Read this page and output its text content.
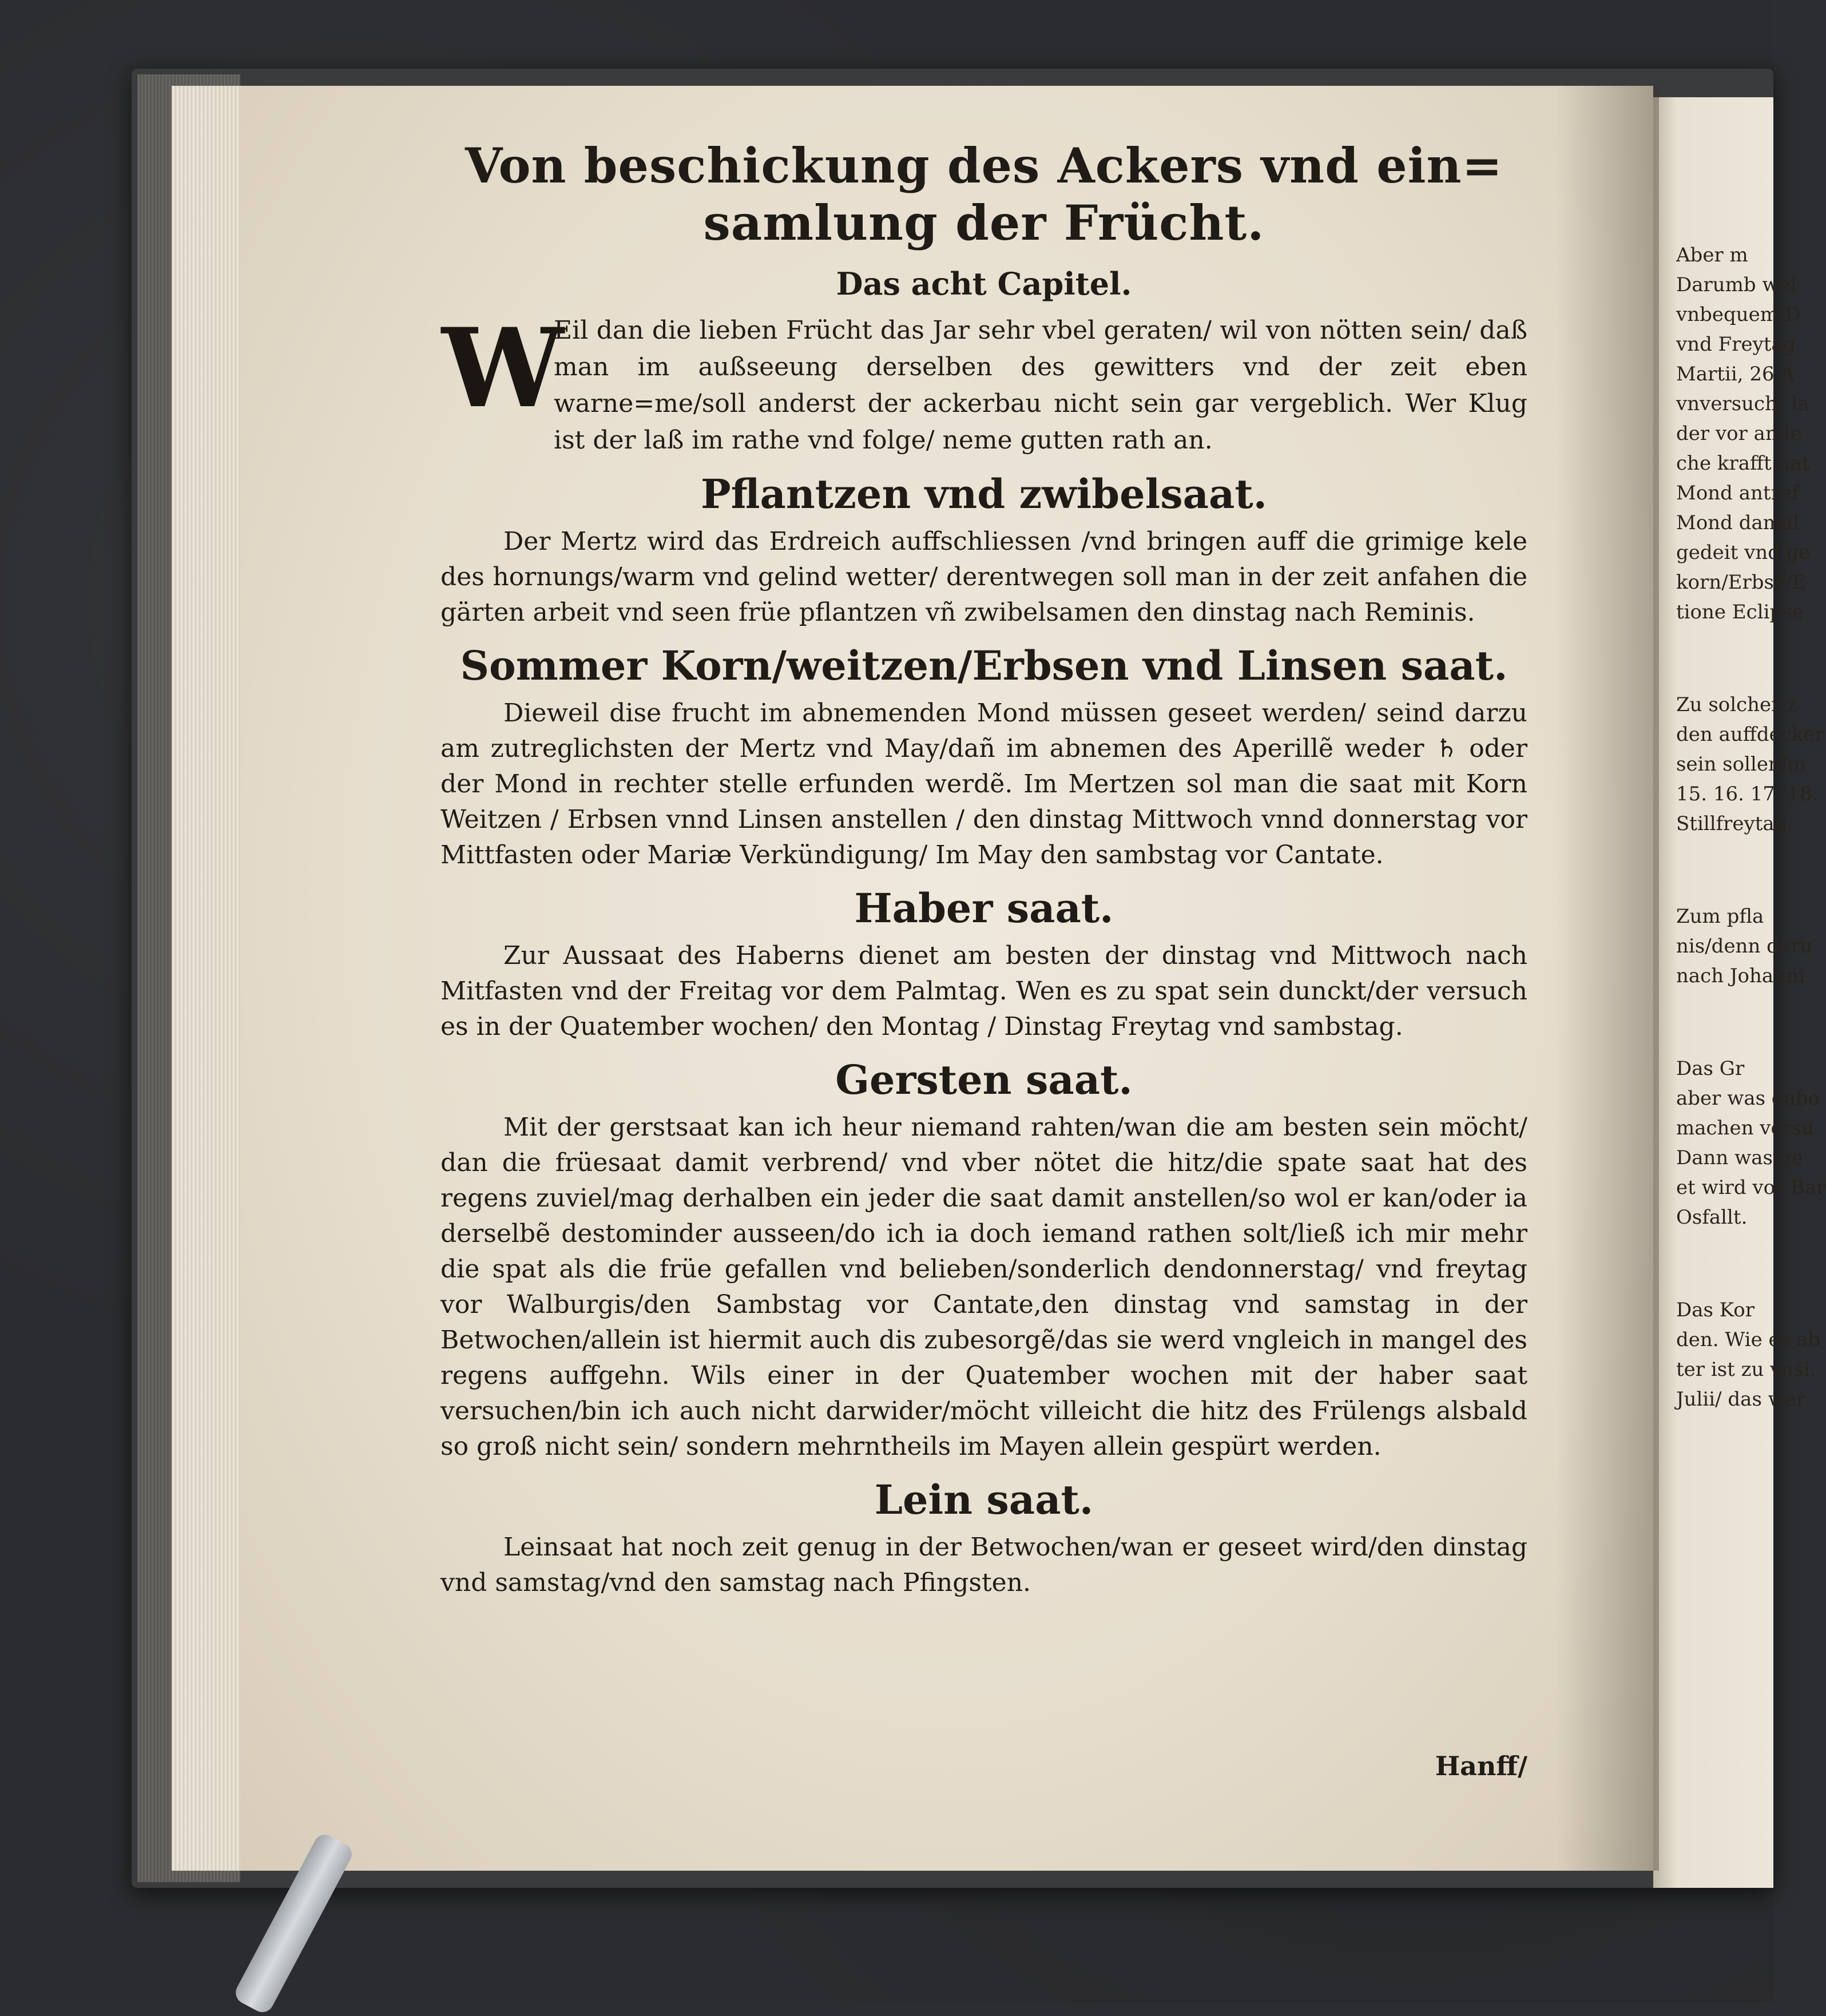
Von beschickung des Ackers vnd ein=

samlung der Frücht.
Das acht Capitel.

W
Eil dan die lieben Frücht das Jar sehr vbel geraten/ wil von nötten sein/ daß man im außseeung derselben des gewitters vnd der zeit eben warne=me/soll anderst der ackerbau nicht sein gar vergeblich. Wer Klug ist der laß im rathe vnd folge/ neme gutten rath an.

Pflantzen vnd zwibelsaat.

Der Mertz wird das Erdreich auffschliessen /vnd bringen auff die grimige kele des hornungs/warm vnd gelind wetter/ derentwegen soll man in der zeit anfahen die gärten arbeit vnd seen früe pflantzen vñ zwibelsamen den dinstag nach Reminis.

Sommer Korn/weitzen/Erbsen vnd Linsen saat.

Dieweil dise frucht im abnemenden Mond müssen geseet werden/ seind darzu am zutreglichsten der Mertz vnd May/dañ im abnemen des Aperillẽ weder ♄ oder der Mond in rechter stelle erfunden werdẽ. Im Mertzen sol man die saat mit Korn Weitzen / Erbsen vnnd Linsen anstellen / den dinstag Mittwoch vnnd donnerstag vor Mittfasten oder Mariæ Verkündigung/ Im May den sambstag vor Cantate.

Haber saat.

Zur Aussaat des Haberns dienet am besten der dinstag vnd Mittwoch nach Mitfasten vnd der Freitag vor dem Palmtag. Wen es zu spat sein dunckt/der versuch es in der Quatember wochen/ den Montag / Dinstag Freytag vnd sambstag.

Gersten saat.

Mit der gerstsaat kan ich heur niemand rahten/wan die am besten sein möcht/ dan die früesaat damit verbrend/ vnd vber nötet die hitz/die spate saat hat des regens zuviel/mag derhalben ein jeder die saat damit anstellen/so wol er kan/oder ia derselbẽ destominder ausseen/do ich ia doch iemand rathen solt/ließ ich mir mehr die spat als die früe gefallen vnd belieben/sonderlich dendonnerstag/ vnd freytag vor Walburgis/den Sambstag vor Cantate,den dinstag vnd samstag in der Betwochen/allein ist hiermit auch dis zubesorgẽ/das sie werd vngleich in mangel des regens auffgehn. Wils einer in der Quatember wochen mit der haber saat versuchen/bin ich auch nicht darwider/möcht villeicht die hitz des Frülengs alsbald so groß nicht sein/ sondern mehrntheils im Mayen allein gespürt werden.

Lein saat.

Leinsaat hat noch zeit genug in der Betwochen/wan er geseet wird/den dinstag vnd samstag/vnd den samstag nach Pfingsten.

Hanff/
Aber m
Darumb wei
vnbequem/D
vnd Freytag
Martii, 26 A
vnversucht la
der vor ande
che krafft hat
Mond antref
Mond damal
gedeit vnd ge
korn/Erbse/E
tione Eclipse
Zu solcher z
den auffdecker
sein sollen/m
15. 16. 17. 18.
Stillfreytag.
Zum pfla
nis/denn daru
nach Johanni
Das Gr
aber was dabo
machen versu
Dann was ge
et wird vor Bar
Osfallt.
Das Kor
den. Wie es ab
ter ist zu vnsi.
Julii/ das wer
